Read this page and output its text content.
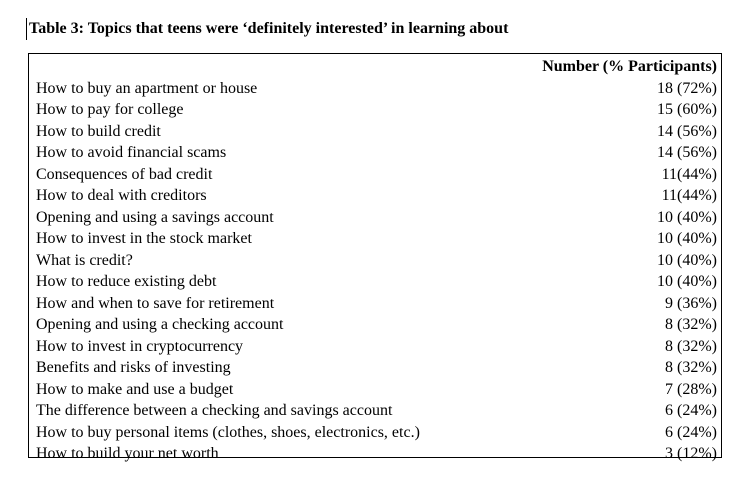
Table 3: Topics that teens were ‘definitely interested’ in learning about
	Number (% Participants)
How to buy an apartment or house	18 (72%)
How to pay for college	15 (60%)
How to build credit	14 (56%)
How to avoid financial scams	14 (56%)
Consequences of bad credit	11(44%)
How to deal with creditors	11(44%)
Opening and using a savings account	10 (40%)
How to invest in the stock market	10 (40%)
What is credit?	10 (40%)
How to reduce existing debt	10 (40%)
How and when to save for retirement	9 (36%)
Opening and using a checking account	8 (32%)
How to invest in cryptocurrency	8 (32%)
Benefits and risks of investing	8 (32%)
How to make and use a budget	7 (28%)
The difference between a checking and savings account	6 (24%)
How to buy personal items (clothes, shoes, electronics, etc.)	6 (24%)
How to build your net worth	3 (12%)
